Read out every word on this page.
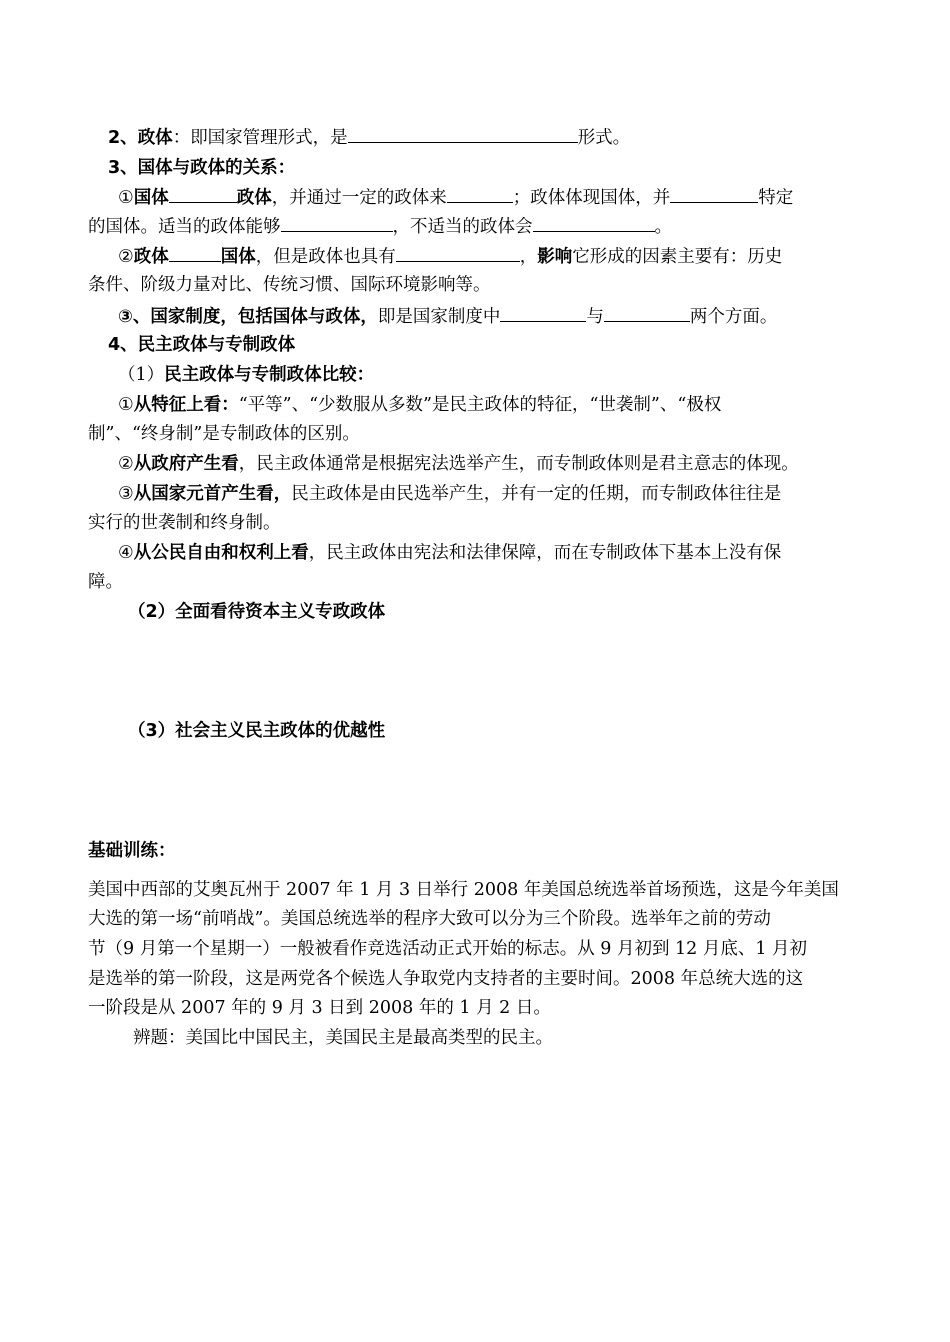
2、政体：即国家管理形式，是	形式。
3、国体与政体的关系：
①国体	政体，并通过一定的政体来	；政体体现国体，并	特定
的国体。适当的政体能够	，不适当的政体会	。
②政体	国体，但是政体也具有	，影响它形成的因素主要有：历史
条件、阶级力量对比、传统习惯、国际环境影响等。
③、国家制度，包括国体与政体，即是国家制度中	与	两个方面。
4、民主政体与专制政体
（1）民主政体与专制政体比较：
①从特征上看：“平等”、“少数服从多数”是民主政体的特征，“世袭制”、“极权
制”、“终身制”是专制政体的区别。
②从政府产生看，民主政体通常是根据宪法选举产生，而专制政体则是君主意志的体现。
③从国家元首产生看，民主政体是由民选举产生，并有一定的任期，而专制政体往往是
实行的世袭制和终身制。
④从公民自由和权利上看，民主政体由宪法和法律保障，而在专制政体下基本上没有保
障。
（2）全面看待资本主义专政政体
（3）社会主义民主政体的优越性
基础训练：
美国中西部的艾奥瓦州于 2007 年 1 月 3 日举行 2008 年美国总统选举首场预选，这是今年美国
大选的第一场“前哨战”。美国总统选举的程序大致可以分为三个阶段。选举年之前的劳动
节（9 月第一个星期一）一般被看作竞选活动正式开始的标志。从 9 月初到 12 月底、1 月初
是选举的第一阶段，这是两党各个候选人争取党内支持者的主要时间。2008 年总统大选的这
一阶段是从 2007 年的 9 月 3 日到 2008 年的 1 月 2 日。
辨题：美国比中国民主，美国民主是最高类型的民主。
